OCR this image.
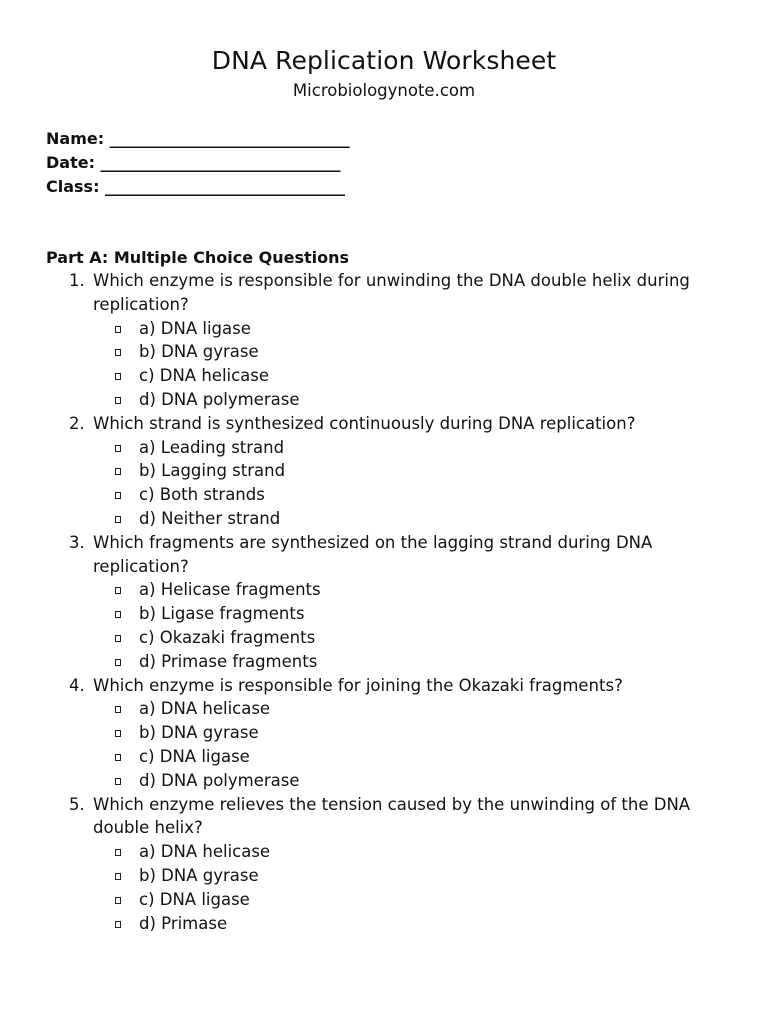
DNA Replication Worksheet
Microbiologynote.com
Name: ______________________________
Date: ______________________________
Class: ______________________________
Part A: Multiple Choice Questions
1. Which enzyme is responsible for unwinding the DNA double helix during replication?
a) DNA ligase
b) DNA gyrase
c) DNA helicase
d) DNA polymerase
2. Which strand is synthesized continuously during DNA replication?
a) Leading strand
b) Lagging strand
c) Both strands
d) Neither strand
3. Which fragments are synthesized on the lagging strand during DNA replication?
a) Helicase fragments
b) Ligase fragments
c) Okazaki fragments
d) Primase fragments
4. Which enzyme is responsible for joining the Okazaki fragments?
a) DNA helicase
b) DNA gyrase
c) DNA ligase
d) DNA polymerase
5. Which enzyme relieves the tension caused by the unwinding of the DNA double helix?
a) DNA helicase
b) DNA gyrase
c) DNA ligase
d) Primase
